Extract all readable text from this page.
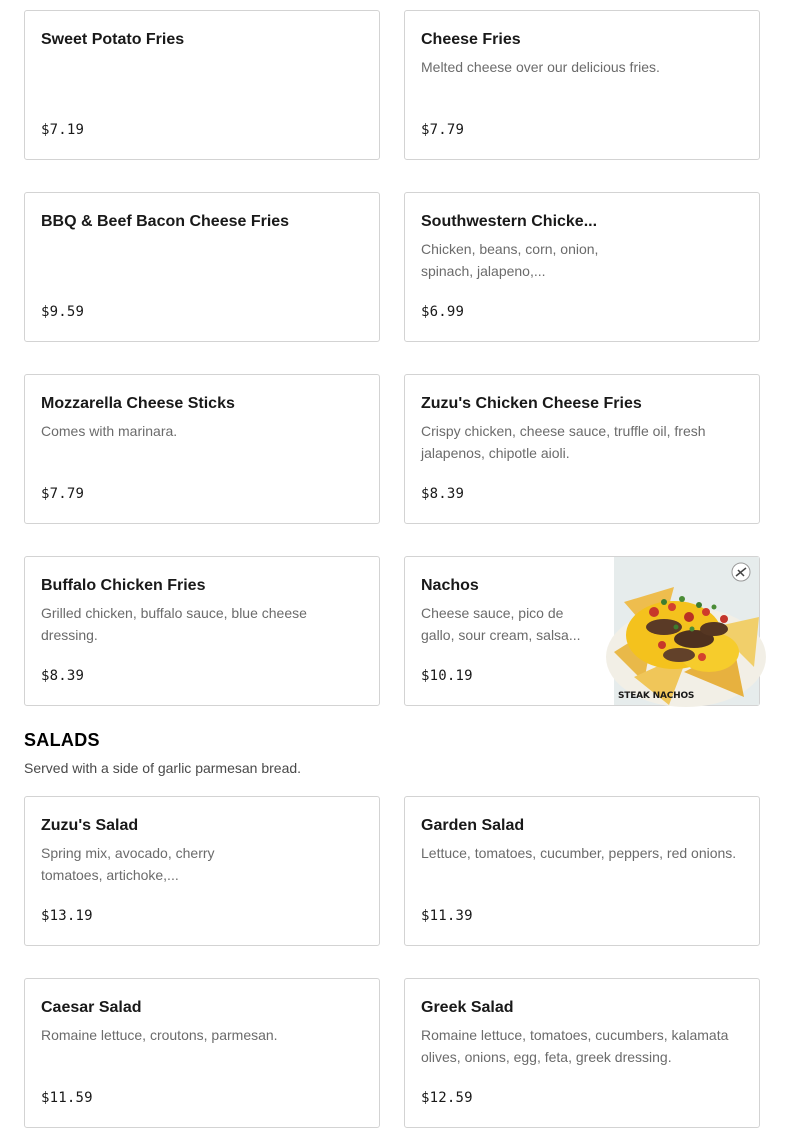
Sweet Potato Fries
$7.19
Cheese Fries
Melted cheese over our delicious fries.
$7.79
BBQ & Beef Bacon Cheese Fries
$9.59
Southwestern Chicke...
Chicken, beans, corn, onion, spinach, jalapeno,...
$6.99
Mozzarella Cheese Sticks
Comes with marinara.
$7.79
Zuzu's Chicken Cheese Fries
Crispy chicken, cheese sauce, truffle oil, fresh jalapenos, chipotle aioli.
$8.39
Buffalo Chicken Fries
Grilled chicken, buffalo sauce, blue cheese dressing.
$8.39
Nachos
Cheese sauce, pico de gallo, sour cream, salsa...
$10.19
STEAK NACHOS
SALADS
Served with a side of garlic parmesan bread.
Zuzu's Salad
Spring mix, avocado, cherry tomatoes, artichoke,...
$13.19
Garden Salad
Lettuce, tomatoes, cucumber, peppers, red onions.
$11.39
Caesar Salad
Romaine lettuce, croutons, parmesan.
$11.59
Greek Salad
Romaine lettuce, tomatoes, cucumbers, kalamata olives, onions, egg, feta, greek dressing.
$12.59
